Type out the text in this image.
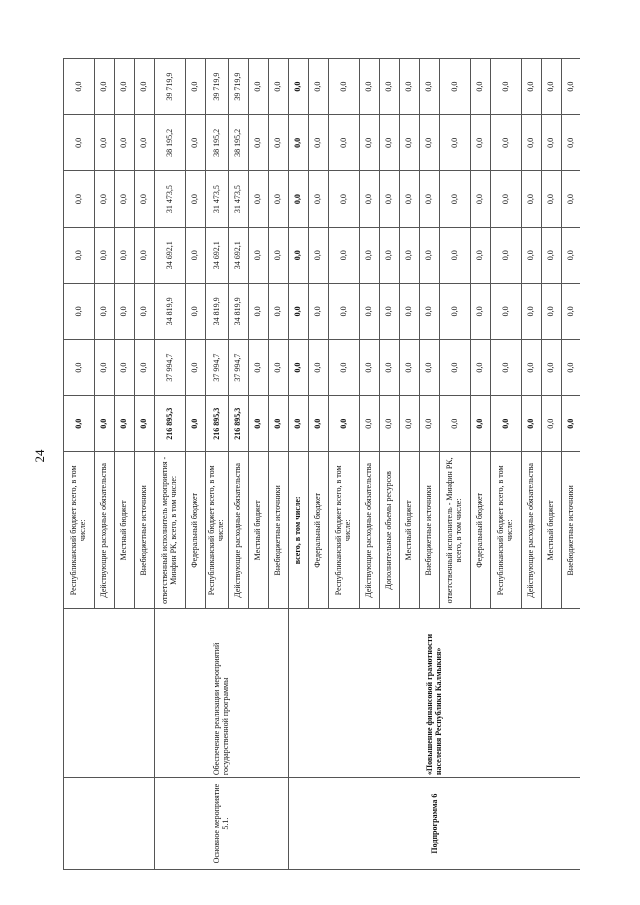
24
		Республиканский бюджет всего, в том числе:	0,0	0,0	0,0	0,0	0,0	0,0	0,0
		Действующие расходные обязательства	0,0	0,0	0,0	0,0	0,0	0,0	0,0
		Местный бюджет	0,0	0,0	0,0	0,0	0,0	0,0	0,0
		Внебюджетные источники	0,0	0,0	0,0	0,0	0,0	0,0	0,0
Основное мероприятие 5.1.	Обеспечение реализации мероприятий государственной программы	ответственный исполнитель мероприятия - Минфин РК, всего, в том числе:	216 895,3	37 994,7	34 819,9	34 692,1	31 473,5	38 195,2	39 719,9
		Федеральный бюджет	0,0	0,0	0,0	0,0	0,0	0,0	0,0
		Республиканский бюджет всего, в том числе:	216 895,3	37 994,7	34 819,9	34 692,1	31 473,5	38 195,2	39 719,9
		Действующие расходные обязательства	216 895,3	37 994,7	34 819,9	34 692,1	31 473,5	38 195,2	39 719,9
		Местный бюджет	0,0	0,0	0,0	0,0	0,0	0,0	0,0
		Внебюджетные источники	0,0	0,0	0,0	0,0	0,0	0,0	0,0
Подпрограмма 6	«Повышение финансовой грамотности населения Республики Калмыкия»	всего, в том числе:	0,0	0,0	0,0	0,0	0,0	0,0	0,0
		Федеральный бюджет	0,0	0,0	0,0	0,0	0,0	0,0	0,0
		Республиканский бюджет всего, в том числе:	0,0	0,0	0,0	0,0	0,0	0,0	0,0
		Действующие расходные обязательства	0,0	0,0	0,0	0,0	0,0	0,0	0,0
		Дополнительные объемы ресурсов	0,0	0,0	0,0	0,0	0,0	0,0	0,0
		Местный бюджет	0,0	0,0	0,0	0,0	0,0	0,0	0,0
		Внебюджетные источники	0,0	0,0	0,0	0,0	0,0	0,0	0,0
		ответственный исполнитель - Минфин РК, всего, в том числе:	0,0	0,0	0,0	0,0	0,0	0,0	0,0
		Федеральный бюджет	0,0	0,0	0,0	0,0	0,0	0,0	0,0
		Республиканский бюджет всего, в том числе:	0,0	0,0	0,0	0,0	0,0	0,0	0,0
		Действующие расходные обязательства	0,0	0,0	0,0	0,0	0,0	0,0	0,0
		Местный бюджет	0,0	0,0	0,0	0,0	0,0	0,0	0,0
		Внебюджетные источники	0,0	0,0	0,0	0,0	0,0	0,0	0,0
